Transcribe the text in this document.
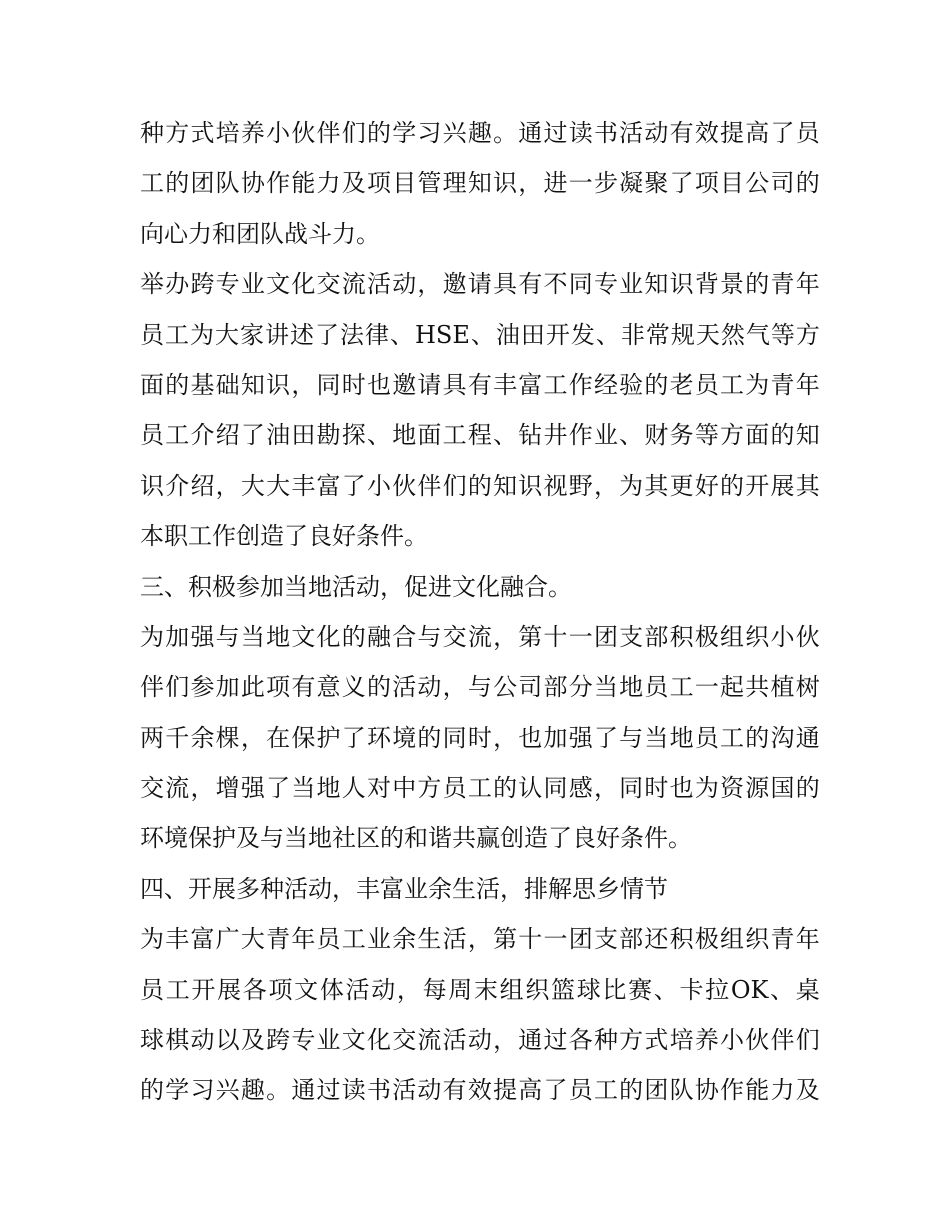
种 方 式 培 养 小 伙 伴 们 的 学 习 兴 趣 。 通 过 读 书 活 动 有 效 提 高 了 员
工 的 团 队 协 作 能 力 及 项 目 管 理 知 识 ， 进 一 步 凝 聚 了 项 目 公 司 的
向心力和团队战斗力。
举 办 跨 专 业 文 化 交 流 活 动 ， 邀 请 具 有 不 同 专 业 知 识 背 景 的 青 年
员 工 为 大 家 讲 述 了 法 律 、 HSE 、 油 田 开 发 、 非 常 规 天 然 气 等 方
面 的 基 础 知 识 ， 同 时 也 邀 请 具 有 丰 富 工 作 经 验 的 老 员 工 为 青 年
员 工 介 绍 了 油 田 勘 探 、 地 面 工 程 、 钻 井 作 业 、 财 务 等 方 面 的 知
识 介 绍 ， 大 大 丰 富 了 小 伙 伴 们 的 知 识 视 野 ， 为 其 更 好 的 开 展 其
本职工作创造了良好条件。
三、积极参加当地活动，促进文化融合。
为 加 强 与 当 地 文 化 的 融 合 与 交 流 ， 第 十 一 团 支 部 积 极 组 织 小 伙
伴 们 参 加 此 项 有 意 义 的 活 动 ， 与 公 司 部 分 当 地 员 工 一 起 共 植 树
两 千 余 棵 ， 在 保 护 了 环 境 的 同 时 ， 也 加 强 了 与 当 地 员 工 的 沟 通
交 流 ， 增 强 了 当 地 人 对 中 方 员 工 的 认 同 感 ， 同 时 也 为 资 源 国 的
环境保护及与当地社区的和谐共赢创造了良好条件。
四、开展多种活动，丰富业余生活，排解思乡情节
为 丰 富 广 大 青 年 员 工 业 余 生 活 ， 第 十 一 团 支 部 还 积 极 组 织 青 年
员 工 开 展 各 项 文 体 活 动 ， 每 周 末 组 织 篮 球 比 赛 、 卡 拉 OK 、 桌
球 棋 动 以 及 跨 专 业 文 化 交 流 活 动 ， 通 过 各 种 方 式 培 养 小 伙 伴 们
的 学 习 兴 趣 。 通 过 读 书 活 动 有 效 提 高 了 员 工 的 团 队 协 作 能 力 及
